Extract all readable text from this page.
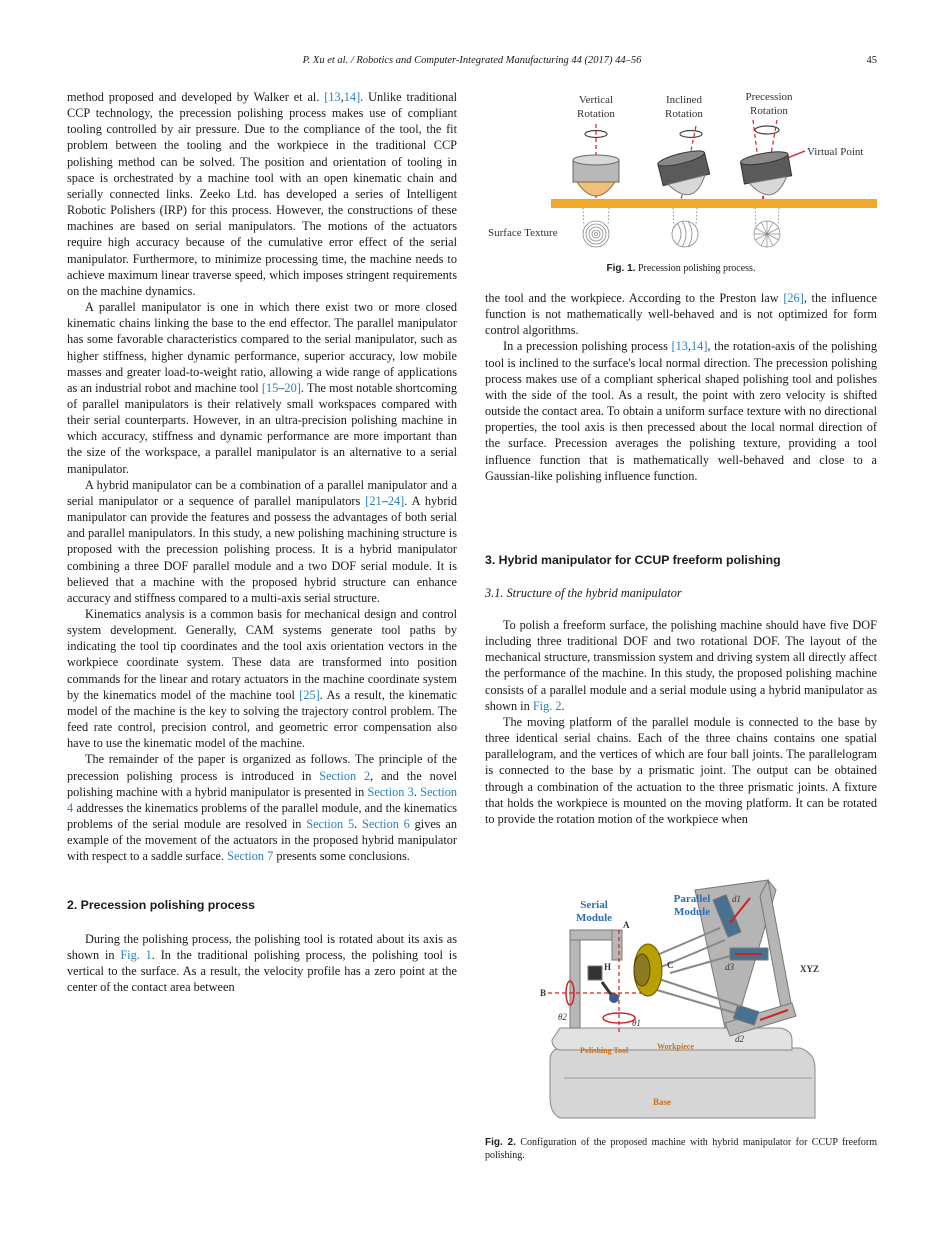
P. Xu et al. / Robotics and Computer-Integrated Manufacturing 44 (2017) 44–56	45

method proposed and developed by Walker et al. [13,14]. Unlike traditional CCP technology, the precession polishing process makes use of compliant tooling controlled by air pressure. Due to the compliance of the tool, the fit problem between the tooling and the workpiece in the traditional CCP polishing method can be solved. The position and orientation of tooling in space is orchestrated by a machine tool with an open kinematic chain and serially connected links. Zeeko Ltd. has developed a series of Intelligent Robotic Polishers (IRP) for this process. However, the constructions of these machines are based on serial manipulators. The motions of the actuators require high accuracy because of the cumulative error effect of the serial manipulator. Furthermore, to minimize processing time, the machine needs to achieve maximum linear traverse speed, which imposes stringent requirements on the machine dynamics.

A parallel manipulator is one in which there exist two or more closed kinematic chains linking the base to the end effector. The parallel manipulator has some favorable characteristics compared to the serial manipulator, such as higher stiffness, higher dynamic performance, superior accuracy, low mobile masses and greater load-to-weight ratio, allowing a wide range of applications as an industrial robot and machine tool [15–20]. The most notable shortcoming of parallel manipulators is their relatively small workspaces compared with their serial counterparts. However, in an ultra-precision polishing machine in which accuracy, stiffness and dynamic performance are more important than the size of the workspace, a parallel manipulator is an alternative to a serial manipulator.

A hybrid manipulator can be a combination of a parallel manipulator and a serial manipulator or a sequence of parallel manipulators [21–24]. A hybrid manipulator can provide the features and possess the advantages of both serial and parallel manipulators. In this study, a new polishing machining structure is proposed with the precession polishing process. It is a hybrid manipulator combining a three DOF parallel module and a two DOF serial module. It is believed that a machine with the proposed hybrid structure can enhance accuracy and stiffness compared to a multi-axis serial structure.

Kinematics analysis is a common basis for mechanical design and control system development. Generally, CAM systems generate tool paths by indicating the tool tip coordinates and the tool axis orientation vectors in the workpiece coordinate system. These data are transformed into position commands for the linear and rotary actuators in the machine coordinate system by the kinematics model of the machine tool [25]. As a result, the kinematic model of the machine is the key to solving the trajectory control problem. The feed rate control, precision control, and geometric error compensation also have to use the kinematic model of the machine.

The remainder of the paper is organized as follows. The principle of the precession polishing process is introduced in Section 2, and the novel polishing machine with a hybrid manipulator is presented in Section 3. Section 4 addresses the kinematics problems of the parallel module, and the kinematics problems of the serial module are resolved in Section 5. Section 6 gives an example of the movement of the actuators in the proposed hybrid manipulator with respect to a saddle surface. Section 7 presents some conclusions.

2. Precession polishing process

During the polishing process, the polishing tool is rotated about its axis as shown in Fig. 1. In the traditional polishing process, the polishing tool is vertical to the surface. As a result, the velocity profile has a zero point at the center of the contact area between

Vertical
Rotation
Inclined
Rotation
Precession
Rotation
Virtual Point
Surface Texture
Fig. 1. Precession polishing process.

the tool and the workpiece. According to the Preston law [26], the influence function is not mathematically well-behaved and is not optimized for form control algorithms.

In a precession polishing process [13,14], the rotation-axis of the polishing tool is inclined to the surface's local normal direction. The precession polishing process makes use of a compliant spherical shaped polishing tool and polishes with the side of the tool. As a result, the point with zero velocity is shifted outside the contact area. To obtain a uniform surface texture with no directional properties, the tool axis is then precessed about the local normal direction of the surface. Precession averages the polishing texture, providing a tool influence function that is mathematically well-behaved and close to a Gaussian-like polishing influence function.

3. Hybrid manipulator for CCUP freeform polishing
3.1. Structure of the hybrid manipulator

To polish a freeform surface, the polishing machine should have five DOF including three traditional DOF and two rotational DOF. The layout of the mechanical structure, transmission system and driving system all directly affect the performance of the machine. In this study, the proposed polishing machine consists of a parallel module and a serial module using a hybrid manipulator as shown in Fig. 2.

The moving platform of the parallel module is connected to the base by three identical serial chains. Each of the three chains contains one spatial parallelogram, and the vertices of which are four ball joints. The parallelogram is connected to the base by a prismatic joint. The output can be obtained through a combination of the actuation to the three prismatic joints. A fixture that holds the workpiece is mounted on the moving platform. It can be rotated to provide the rotation motion of the workpiece when

Serial
Module
Parallel
Module
A
B
C
H
d1
d2
d3	XYZ
θ1
θ2
Polishing Tool	Workpiece
Base
Fig. 2. Configuration of the proposed machine with hybrid manipulator for CCUP freeform polishing.
